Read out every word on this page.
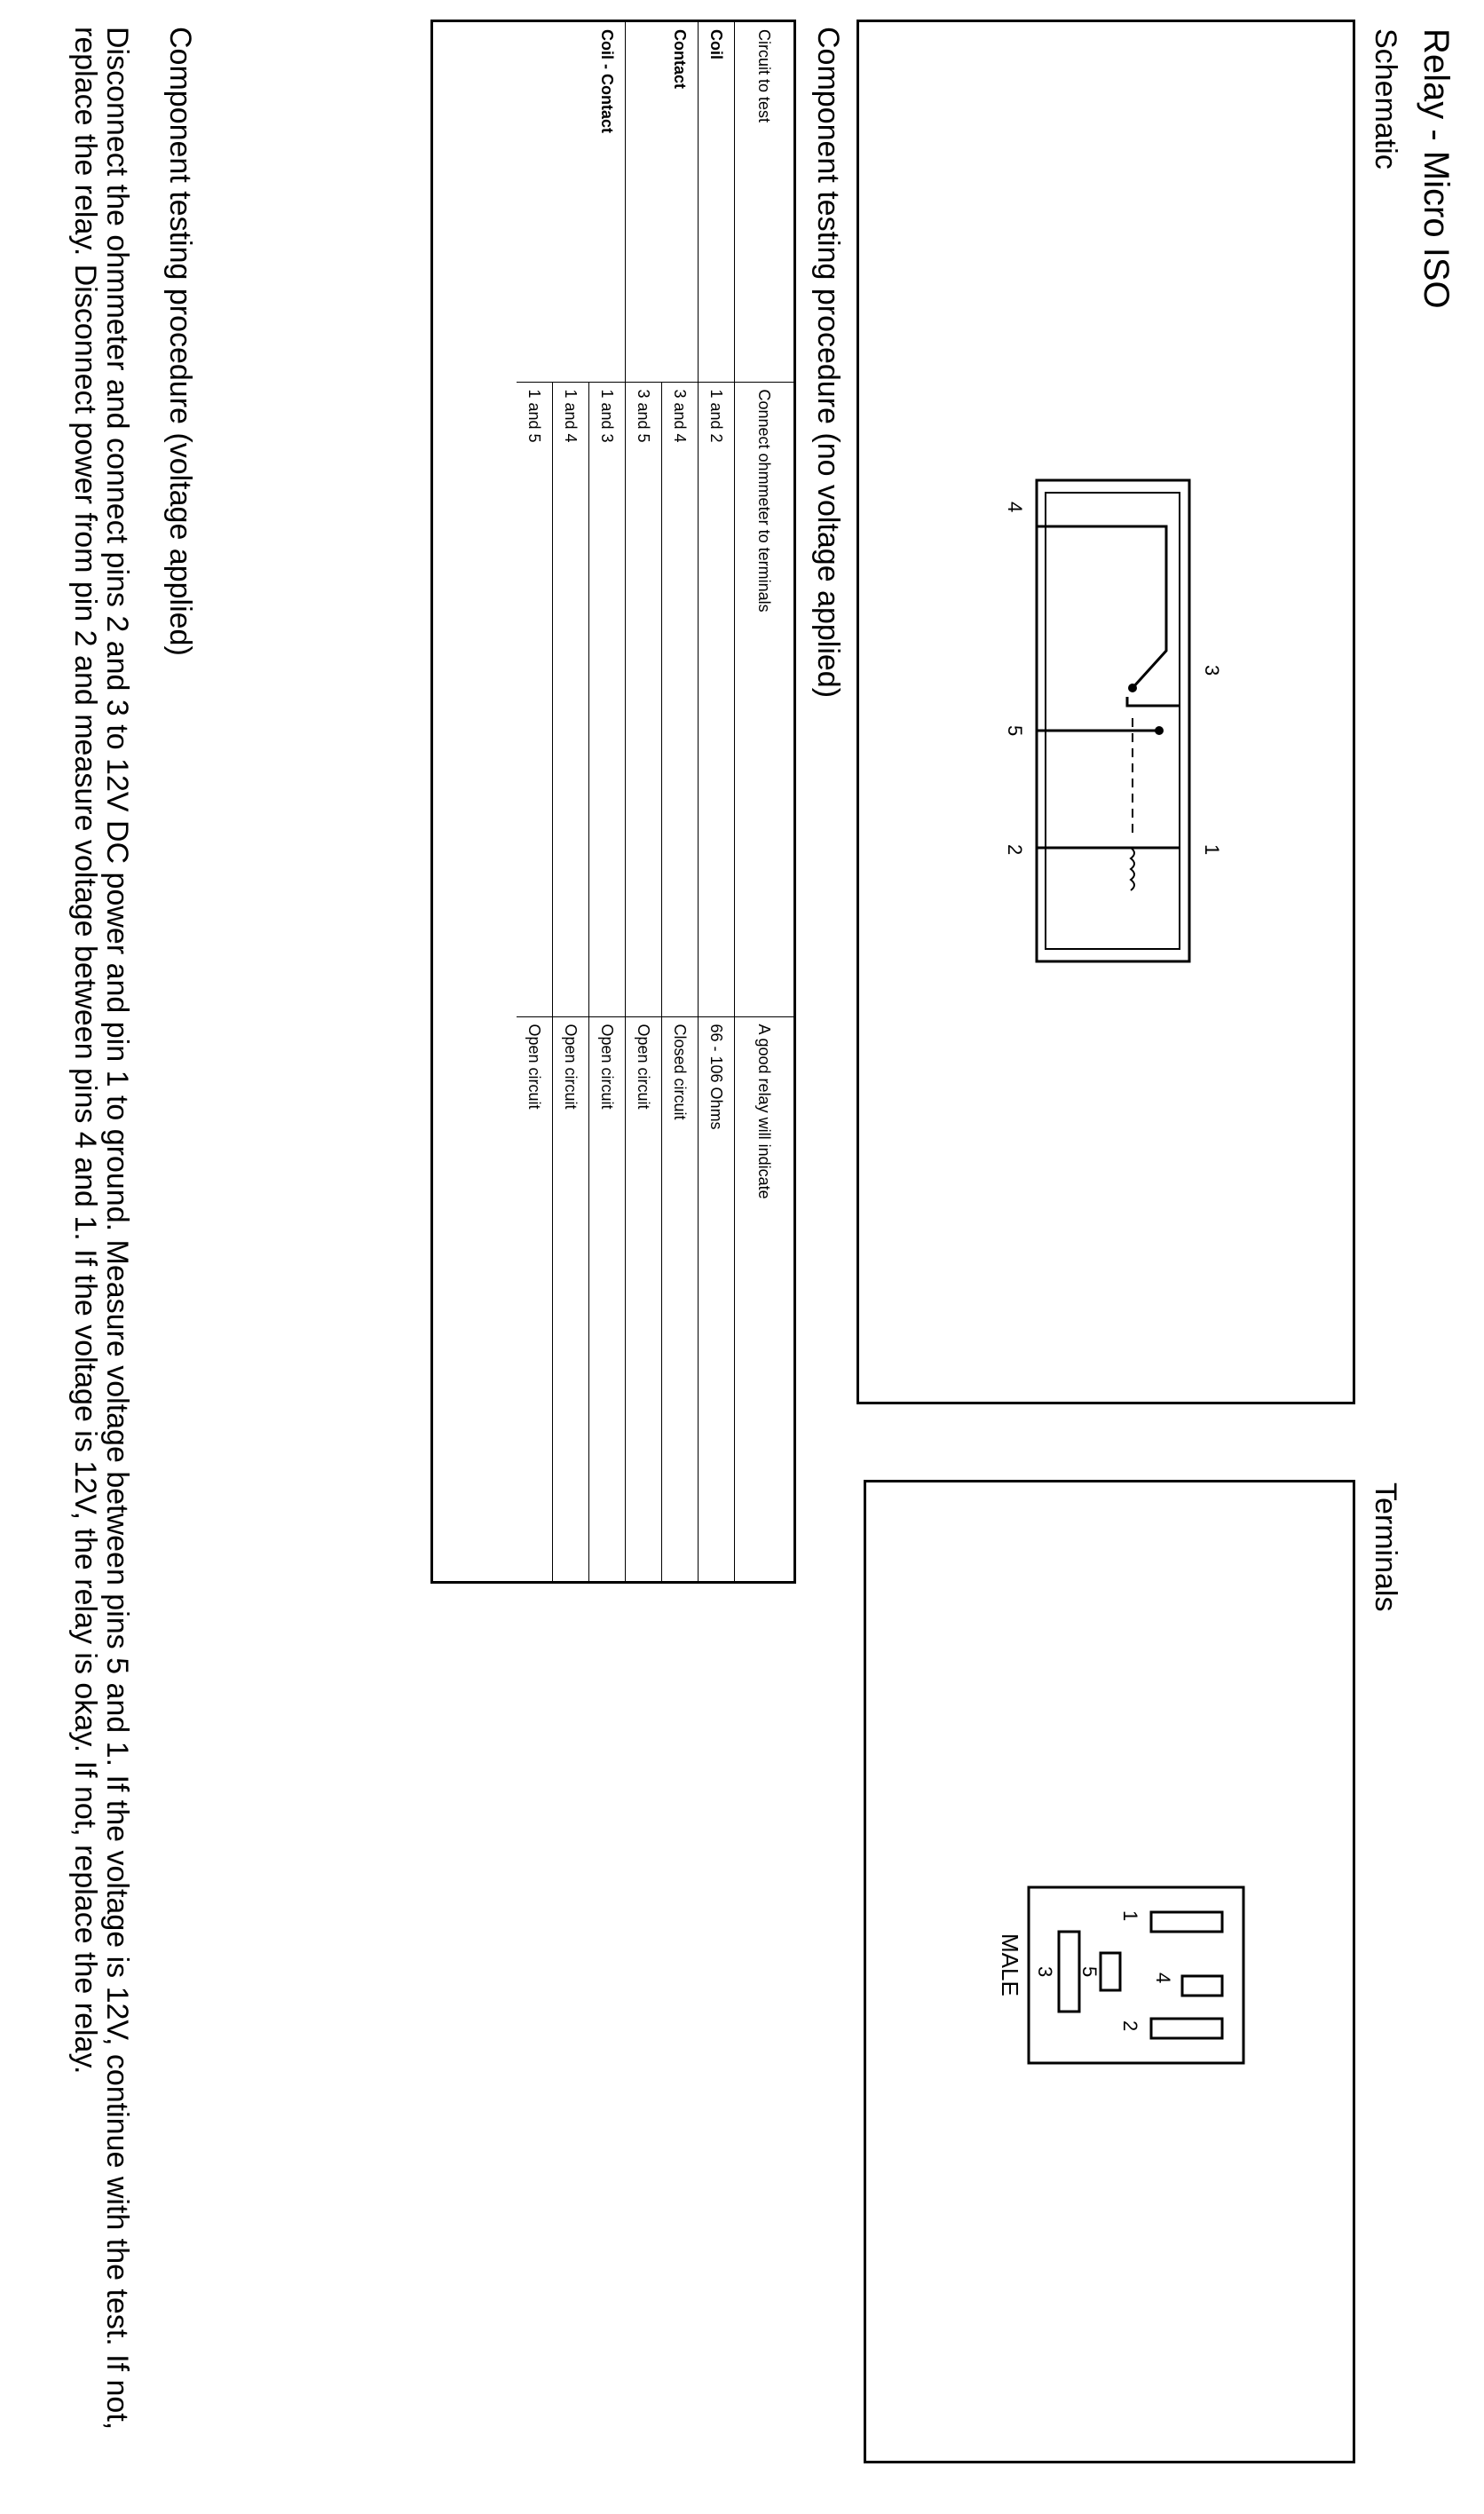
Relay - Micro ISO
Schematic
4
5
2
3
1
Terminals
1
4
2
5
3
MALE
Component testing procedure (no voltage applied)
Circuit to test	Connect ohmmeter to terminals	A good relay will indicate
Coil	1 and 2	66 - 106 Ohms
Contact	3 and 4	Closed circuit
	3 and 5	Open circuit
Coil - Contact	1 and 3	Open circuit
	1 and 4	Open circuit
	1 and 5	Open circuit
Component testing procedure (voltage applied)
Disconnect the ohmmeter and connect pins 2 and 3 to 12V DC power and pin 1 to ground. Measure voltage between pins 5 and 1. If the voltage is 12V, continue with the test. If not, replace the relay. Disconnect power from pin 2 and measure voltage between pins 4 and 1. If the voltage is 12V, the relay is okay. If not, replace the relay.
